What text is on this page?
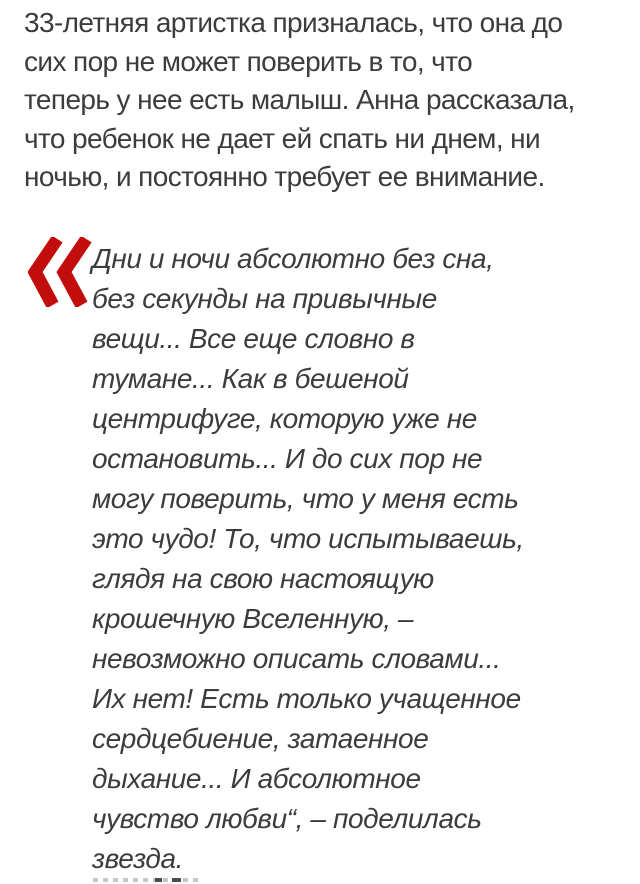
33-летняя артистка призналась, что она до
сих пор не может поверить в то, что
теперь у нее есть малыш. Анна рассказала,
что ребенок не дает ей спать ни днем, ни
ночью, и постоянно требует ее внимание.

Дни и ночи абсолютно без сна,
без секунды на привычные
вещи... Все еще словно в
тумане... Как в бешеной
центрифуге, которую уже не
остановить... И до сих пор не
могу поверить, что у меня есть
это чудо! То, что испытываешь,
глядя на свою настоящую
крошечную Вселенную, –
невозможно описать словами...
Их нет! Есть только учащенное
сердцебиение, затаенное
дыхание... И абсолютное
чувство любви“, – поделилась
звезда.
